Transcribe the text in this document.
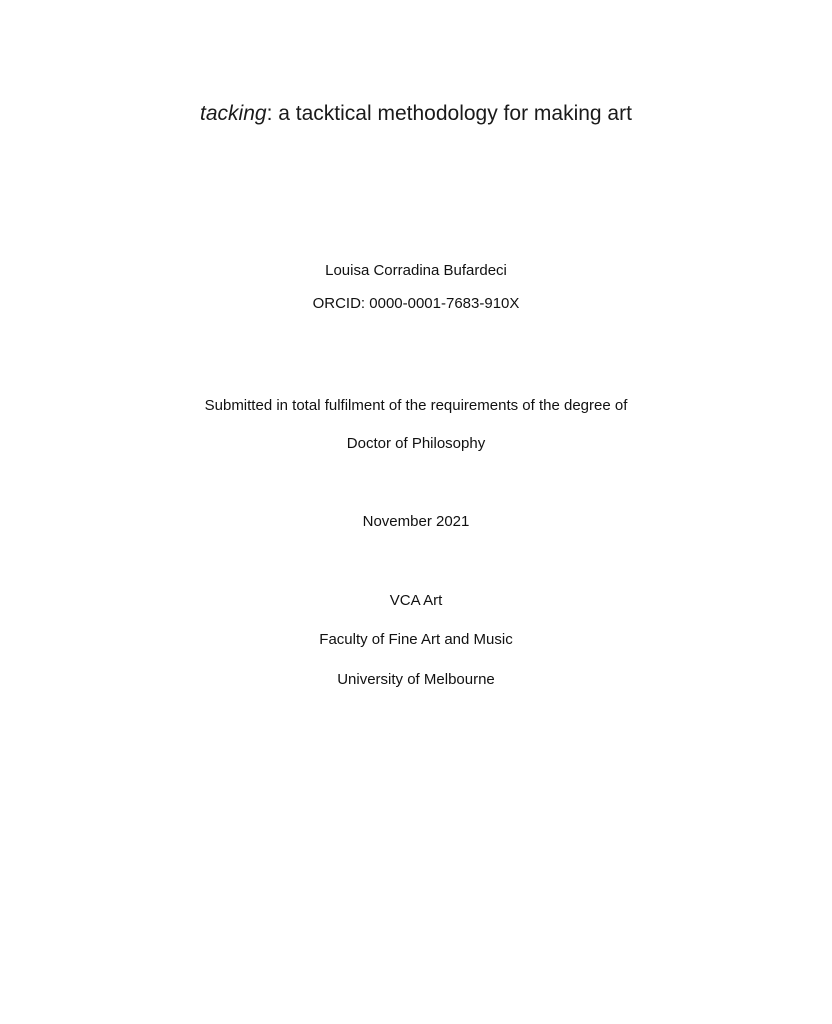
tacking: a tacktical methodology for making art
Louisa Corradina Bufardeci
ORCID: 0000-0001-7683-910X
Submitted in total fulfilment of the requirements of the degree of
Doctor of Philosophy
November 2021
VCA Art
Faculty of Fine Art and Music
University of Melbourne
